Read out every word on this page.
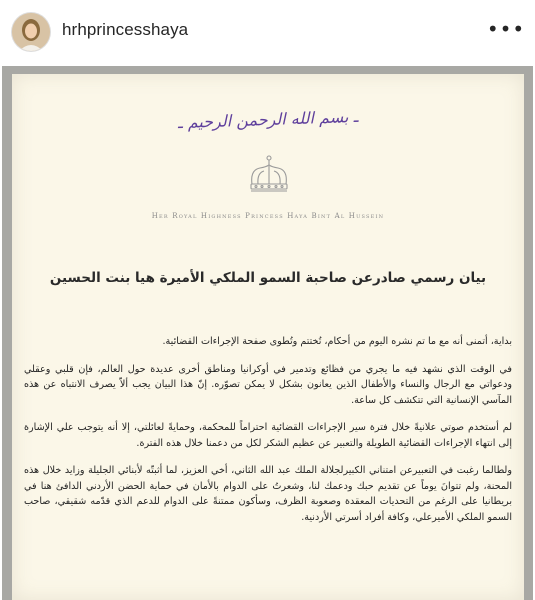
hrhprincesshaya	•••
ـ بسم الله الرحمن الرحيم ـ
Her Royal Highness Princess Haya Bint Al Hussein
بيان رسمي صادرعن صاحبة السمو الملكي الأميرة هيا بنت الحسين

بداية، أتمنى أنه مع ما تم نشره اليوم من أحكام، تُختتم وتُطوى صفحة الإجراءات القضائية.

في الوقت الذي نشهد فيه ما يجري من فظائع وتدمير في أوكرانيا ومناطق أخرى عديدة حول العالم، فإن قلبي وعقلي ودعواتي مع الرجال والنساء والأطفال الذين يعانون بشكل لا يمكن تصوّره. إنّ هذا البيان يجب ألاّ يصرف الانتباه عن هذه المآسي الإنسانية التي تتكشف كل ساعة.

لم أستخدم صوتي علانيةً خلال فترة سير الإجراءات القضائية احتراماً للمحكمة، وحمايةً لعائلتي، إلا أنه يتوجب علي الإشارة إلى انتهاء الإجراءات القضائية الطويلة والتعبير عن عظيم الشكر لكل من دعمنا خلال هذه الفترة.

ولطالما رغبت في التعبيرعن امتناني الكبيرلجلالة الملك عبد الله الثاني، أخي العزيز، لما أثبتّه لأبنائي الجليلة وزايد خلال هذه المحنة، ولم تتوانَ يوماً عن تقديم حبك ودعمك لنا، وشعرتُ على الدوام بالأمان في حماية الحضن الأردني الدافئ هنا في بريطانيا على الرغم من التحديات المعقدة وصعوبة الظرف، وسأكون ممتنةً على الدوام للدعم الذي قدّمه شقيقي، صاحب السمو الملكي الأميرعلي، وكافة أفراد أسرتي الأردنية.
